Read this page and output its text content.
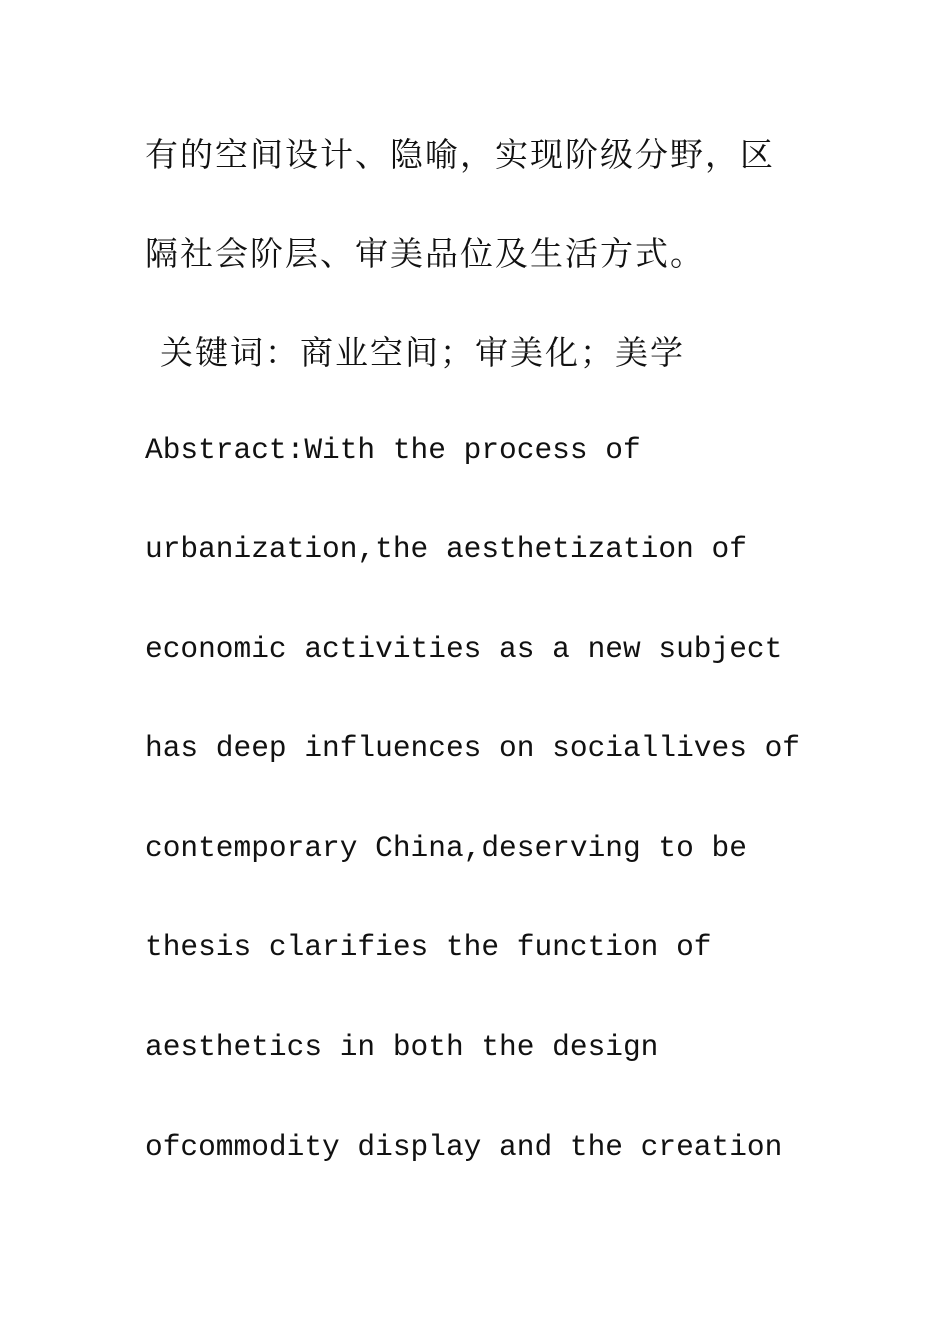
有的空间设计、隐喻，实现阶级分野，区
隔社会阶层、审美品位及生活方式。
关键词：商业空间；审美化；美学
Abstract:With the process of
urbanization,the aesthetization of
economic activities as a new subject
has deep influences on sociallives of
contemporary China,deserving to be
thesis clarifies the function of
aesthetics in both the design
ofcommodity display and the creation
